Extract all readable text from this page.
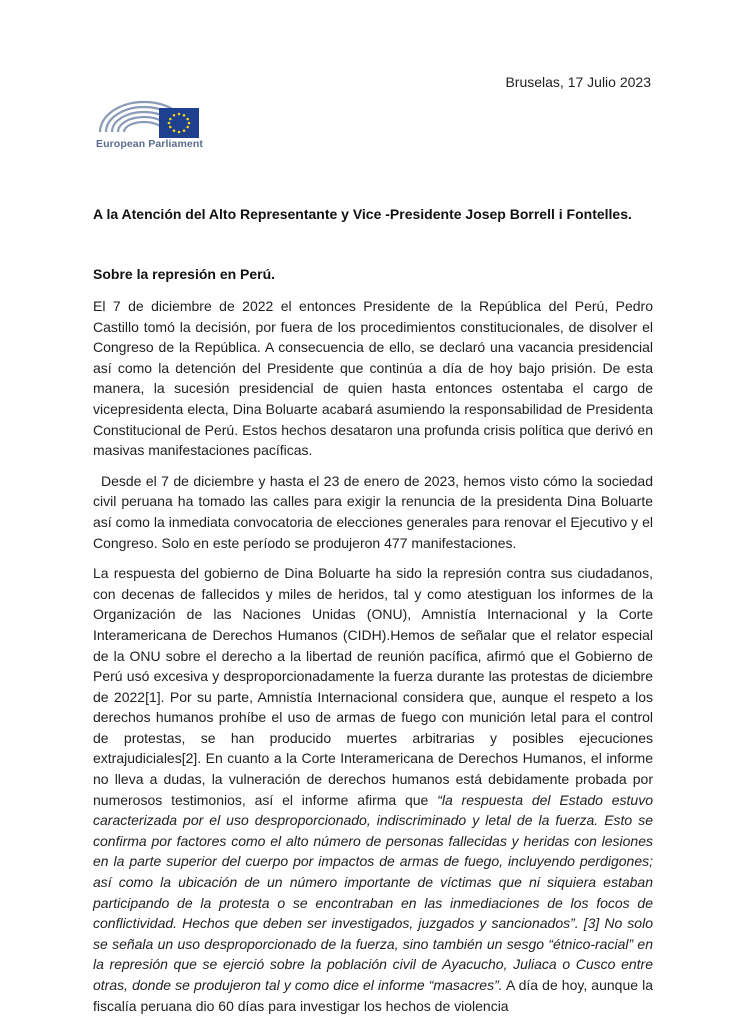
Bruselas, 17 Julio 2023
European Parliament
A la Atención del Alto Representante y Vice -Presidente Josep Borrell i Fontelles.
Sobre la represión en Perú.

El 7 de diciembre de 2022 el entonces Presidente de la República del Perú, Pedro Castillo tomó la decisión, por fuera de los procedimientos constitucionales, de disolver el Congreso de la República. A consecuencia de ello, se declaró una vacancia presidencial así como la detención del Presidente que continúa a día de hoy bajo prisión. De esta manera, la sucesión presidencial de quien hasta entonces ostentaba el cargo de vicepresidenta electa, Dina Boluarte acabará asumiendo la responsabilidad de Presidenta Constitucional de Perú. Estos hechos desataron una profunda crisis política que derivó en masivas manifestaciones pacíficas.

Desde el 7 de diciembre y hasta el 23 de enero de 2023, hemos visto cómo la sociedad civil peruana ha tomado las calles para exigir la renuncia de la presidenta Dina Boluarte así como la inmediata convocatoria de elecciones generales para renovar el Ejecutivo y el Congreso. Solo en este período se produjeron 477 manifestaciones.

La respuesta del gobierno de Dina Boluarte ha sido la represión contra sus ciudadanos, con decenas de fallecidos y miles de heridos, tal y como atestiguan los informes de la Organización de las Naciones Unidas (ONU), Amnistía Internacional y la Corte Interamericana de Derechos Humanos (CIDH).Hemos de señalar que el relator especial de la ONU sobre el derecho a la libertad de reunión pacífica, afirmó que el Gobierno de Perú usó excesiva y desproporcionadamente la fuerza durante las protestas de diciembre de 2022[1]. Por su parte, Amnistía Internacional considera que, aunque el respeto a los derechos humanos prohíbe el uso de armas de fuego con munición letal para el control de protestas, se han producido muertes arbitrarias y posibles ejecuciones extrajudiciales[2]. En cuanto a la Corte Interamericana de Derechos Humanos, el informe no lleva a dudas, la vulneración de derechos humanos está debidamente probada por numerosos testimonios, así el informe afirma que “la respuesta del Estado estuvo caracterizada por el uso desproporcionado, indiscriminado y letal de la fuerza. Esto se confirma por factores como el alto número de personas fallecidas y heridas con lesiones en la parte superior del cuerpo por impactos de armas de fuego, incluyendo perdigones; así como la ubicación de un número importante de víctimas que ni siquiera estaban participando de la protesta o se encontraban en las inmediaciones de los focos de conflictividad. Hechos que deben ser investigados, juzgados y sancionados”. [3] No solo se señala un uso desproporcionado de la fuerza, sino también un sesgo “étnico-racial” en la represión que se ejerció sobre la población civil de Ayacucho, Juliaca o Cusco entre otras, donde se produjeron tal y como dice el informe “masacres”. A día de hoy, aunque la fiscalía peruana dio 60 días para investigar los hechos de violencia
